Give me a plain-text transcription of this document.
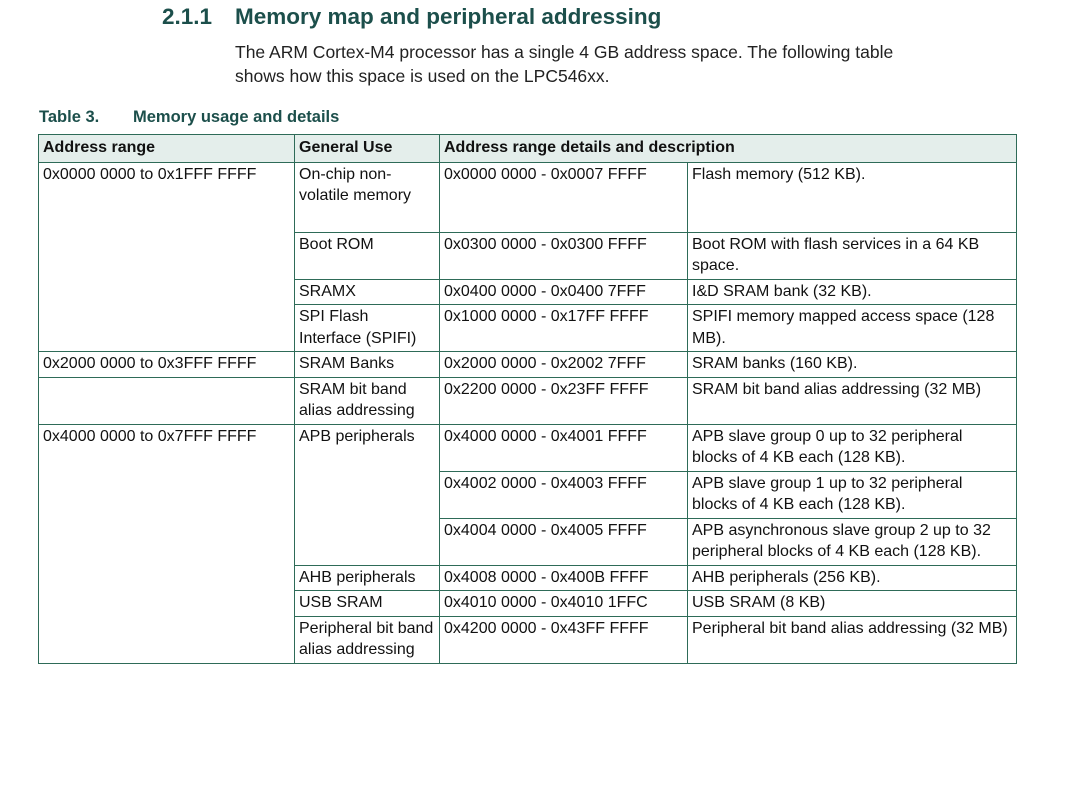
2.1.1	Memory map and peripheral addressing

The ARM Cortex-M4 processor has a single 4 GB address space. The following table

shows how this space is used on the LPC546xx.

Table 3.	Memory usage and details
Address range	General Use	Address range details and description	
0x0000 0000 to 0x1FFF FFFF	On-chip non-volatile memory	0x0000 0000 - 0x0007 FFFF	Flash memory (512 KB).
	Boot ROM	0x0300 0000 - 0x0300 FFFF	Boot ROM with flash services in a 64 KB space.
	SRAMX	0x0400 0000 - 0x0400 7FFF	I&D SRAM bank (32 KB).
	SPI Flash Interface (SPIFI)	0x1000 0000 - 0x17FF FFFF	SPIFI memory mapped access space (128 MB).
0x2000 0000 to 0x3FFF FFFF	SRAM Banks	0x2000 0000 - 0x2002 7FFF	SRAM banks (160 KB).
	SRAM bit band alias addressing	0x2200 0000 - 0x23FF FFFF	SRAM bit band alias addressing (32 MB)
0x4000 0000 to 0x7FFF FFFF	APB peripherals	0x4000 0000 - 0x4001 FFFF	APB slave group 0 up to 32 peripheral blocks of 4 KB each (128 KB).
		0x4002 0000 - 0x4003 FFFF	APB slave group 1 up to 32 peripheral blocks of 4 KB each (128 KB).
		0x4004 0000 - 0x4005 FFFF	APB asynchronous slave group 2 up to 32 peripheral blocks of 4 KB each (128 KB).
	AHB peripherals	0x4008 0000 - 0x400B FFFF	AHB peripherals (256 KB).
	USB SRAM	0x4010 0000 - 0x4010 1FFC	USB SRAM (8 KB)
	Peripheral bit band alias addressing	0x4200 0000 - 0x43FF FFFF	Peripheral bit band alias addressing (32 MB)
